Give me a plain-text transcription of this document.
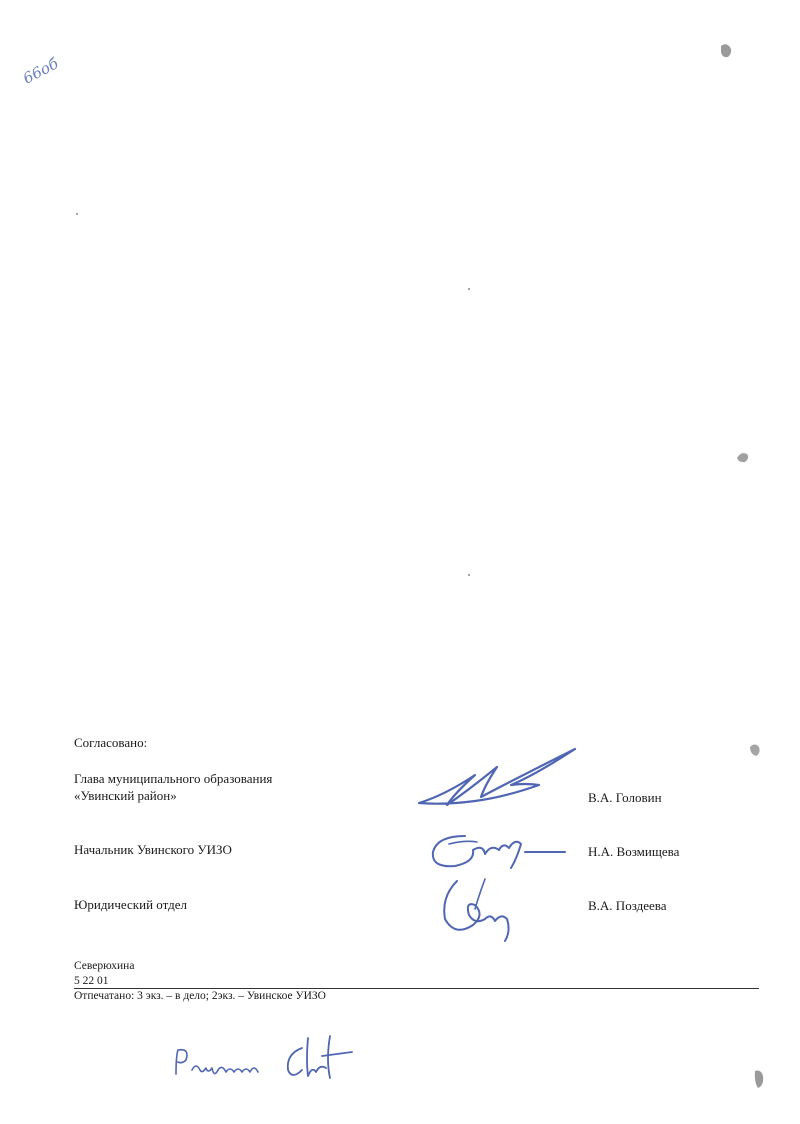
66об
Согласовано:
Глава муниципального образования
«Увинский район»	В.А. Головин
Начальник Увинского УИЗО	Н.А. Возмищева
Юридический отдел	В.А. Поздеева
Северюхина
5 22 01
Отпечатано: 3 экз. – в дело; 2экз. – Увинское УИЗО
